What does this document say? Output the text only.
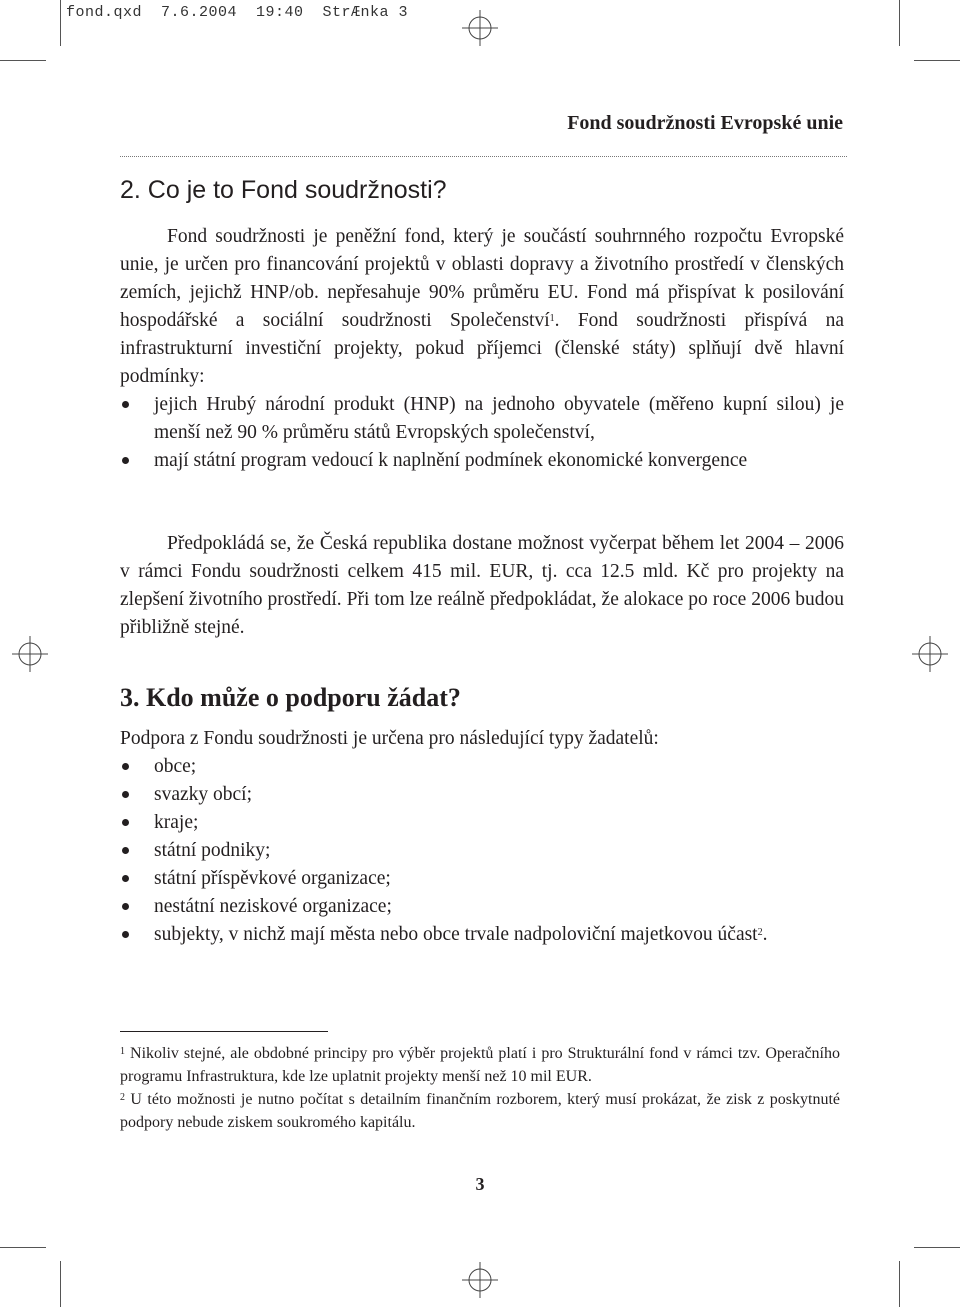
fond.qxd  7.6.2004  19:40  StrÆnka 3
Fond soudržnosti Evropské unie
2. Co je to Fond soudržnosti?

Fond soudržnosti je peněžní fond, který je součástí souhrnného rozpočtu Evropské unie, je určen pro financování projektů v oblasti dopravy a životního prostředí v členských zemích, jejichž HNP/ob. nepřesahuje 90% průměru EU. Fond má přispívat k posilování hospodářské a sociální soudržnosti Společenství$^1$. Fond soudržnosti přispívá na infrastrukturní investiční projekty, pokud příjemci (členské státy) splňují dvě hlavní podmínky:

jejich Hrubý národní produkt (HNP) na jednoho obyvatele (měřeno kupní silou) je menší než 90 % průměru států Evropských společenství,
mají státní program vedoucí k naplnění podmínek ekonomické konvergence

Předpokládá se, že Česká republika dostane možnost vyčerpat během let 2004 – 2006 v rámci Fondu soudržnosti celkem 415 mil. EUR, tj. cca 12.5 mld. Kč pro projekty na zlepšení životního prostředí. Při tom lze reálně předpokládat, že alokace po roce 2006 budou přibližně stejné.

3. Kdo může o podporu žádat?

Podpora z Fondu soudržnosti je určena pro následující typy žadatelů:

obce;
svazky obcí;
kraje;
státní podniky;
státní příspěvkové organizace;
nestátní neziskové organizace;
subjekty, v nichž mají města nebo obce trvale nadpoloviční majetkovou účast$^2$.

$^1$ Nikoliv stejné, ale obdobné principy pro výběr projektů platí i pro Strukturální fond v rámci tzv. Operačního programu Infrastruktura, kde lze uplatnit projekty menší než 10 mil EUR.

$^2$ U této možnosti je nutno počítat s detailním finančním rozborem, který musí prokázat, že zisk z poskytnuté podpory nebude ziskem soukromého kapitálu.

3
